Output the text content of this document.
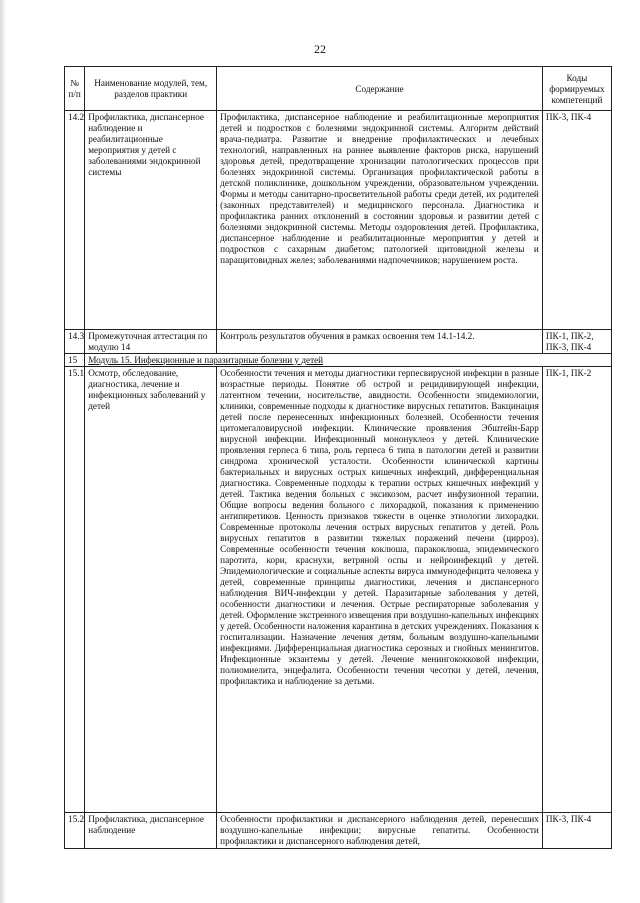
22
№ п/п	Наименование модулей, тем, разделов практики	Содержание	Коды формируемых компетенций
14.2	Профилактика, диспансерное наблюдение и реабилитационные мероприятия у детей с заболеваниями эндокринной системы	Профилактика, диспансерное наблюдение и реабилитационные мероприятия детей и подростков с болезнями эндокринной системы. Алгоритм действий врача-педиатра. Развитие и внедрение профилактических и лечебных технологий, направленных на раннее выявление факторов риска, нарушений здоровья детей, предотвращение хронизации патологических процессов при болезнях эндокринной системы. Организация профилактической работы в детской поликлинике, дошкольном учреждении, образовательном учреждении. Формы и методы санитарно-просветительной работы среди детей, их родителей (законных представителей) и медицинского персонала. Диагностика и профилактика ранних отклонений в состоянии здоровья и развитии детей с болезнями эндокринной системы. Методы оздоровления детей. Профилактика, диспансерное наблюдение и реабилитационные мероприятия у детей и подростков с сахарным диабетом; патологией щитовидной железы и паращитовидных желез; заболеваниями надпочечников; нарушением роста.	ПК-3, ПК-4
14.3	Промежуточная аттестация по модулю 14	Контроль результатов обучения в рамках освоения тем 14.1-14.2.	ПК-1, ПК-2, ПК-3, ПК-4
15	Модуль 15. Инфекционные и паразитарные болезни у детей		
15.1	Осмотр, обследование, диагностика, лечение и инфекционных заболеваний у детей	Особенности течения и методы диагностики герпесвирусной инфекции в разные возрастные периоды. Понятие об острой и рецидивирующей инфекции, латентном течении, носительстве, авидности. Особенности эпидемиологии, клиники, современные подходы к диагностике вирусных гепатитов. Вакцинация детей после перенесенных инфекционных болезней. Особенности течения цитомегаловирусной инфекции. Клинические проявления Эбштейн-Барр вирусной инфекции. Инфекционный мононуклеоз у детей. Клинические проявления герпеса 6 типа, роль герпеса 6 типа в патологии детей и развитии синдрома хронической усталости. Особенности клинической картины бактериальных и вирусных острых кишечных инфекций, дифференциальная диагностика. Современные подходы к терапии острых кишечных инфекций у детей. Тактика ведения больных с эксикозом, расчет инфузионной терапии. Общие вопросы ведения больного с лихорадкой, показания к применению антипиретиков. Ценность признаков тяжести в оценке этиологии лихорадки. Современные протоколы лечения острых вирусных гепатитов у детей. Роль вирусных гепатитов в развитии тяжелых поражений печени (цирроз). Современные особенности течения коклюша, паракоклюша, эпидемического паротита, кори, краснухи, ветряной оспы и нейроинфекций у детей. Эпидемиологические и социальные аспекты вируса иммунодефицита человека у детей, современные принципы диагностики, лечения и диспансерного наблюдения ВИЧ-инфекции у детей. Паразитарные заболевания у детей, особенности диагностики и лечения. Острые респираторные заболевания у детей. Оформление экстренного извещения при воздушно-капельных инфекциях у детей. Особенности наложения карантина в детских учреждениях. Показания к госпитализации. Назначение лечения детям, больным воздушно-капельными инфекциями. Дифференциальная диагностика серозных и гнойных менингитов. Инфекционные экзантемы у детей. Лечение менингококковой инфекции, полиомиелита, энцефалита. Особенности течения чесотки у детей, лечения, профилактика и наблюдение за детьми.	ПК-1, ПК-2
15.2	Профилактика, диспансерное наблюдение	Особенности профилактики и диспансерного наблюдения детей, перенесших воздушно-капельные инфекции; вирусные гепатиты. Особенности профилактики и диспансерного наблюдения детей,	ПК-3, ПК-4
